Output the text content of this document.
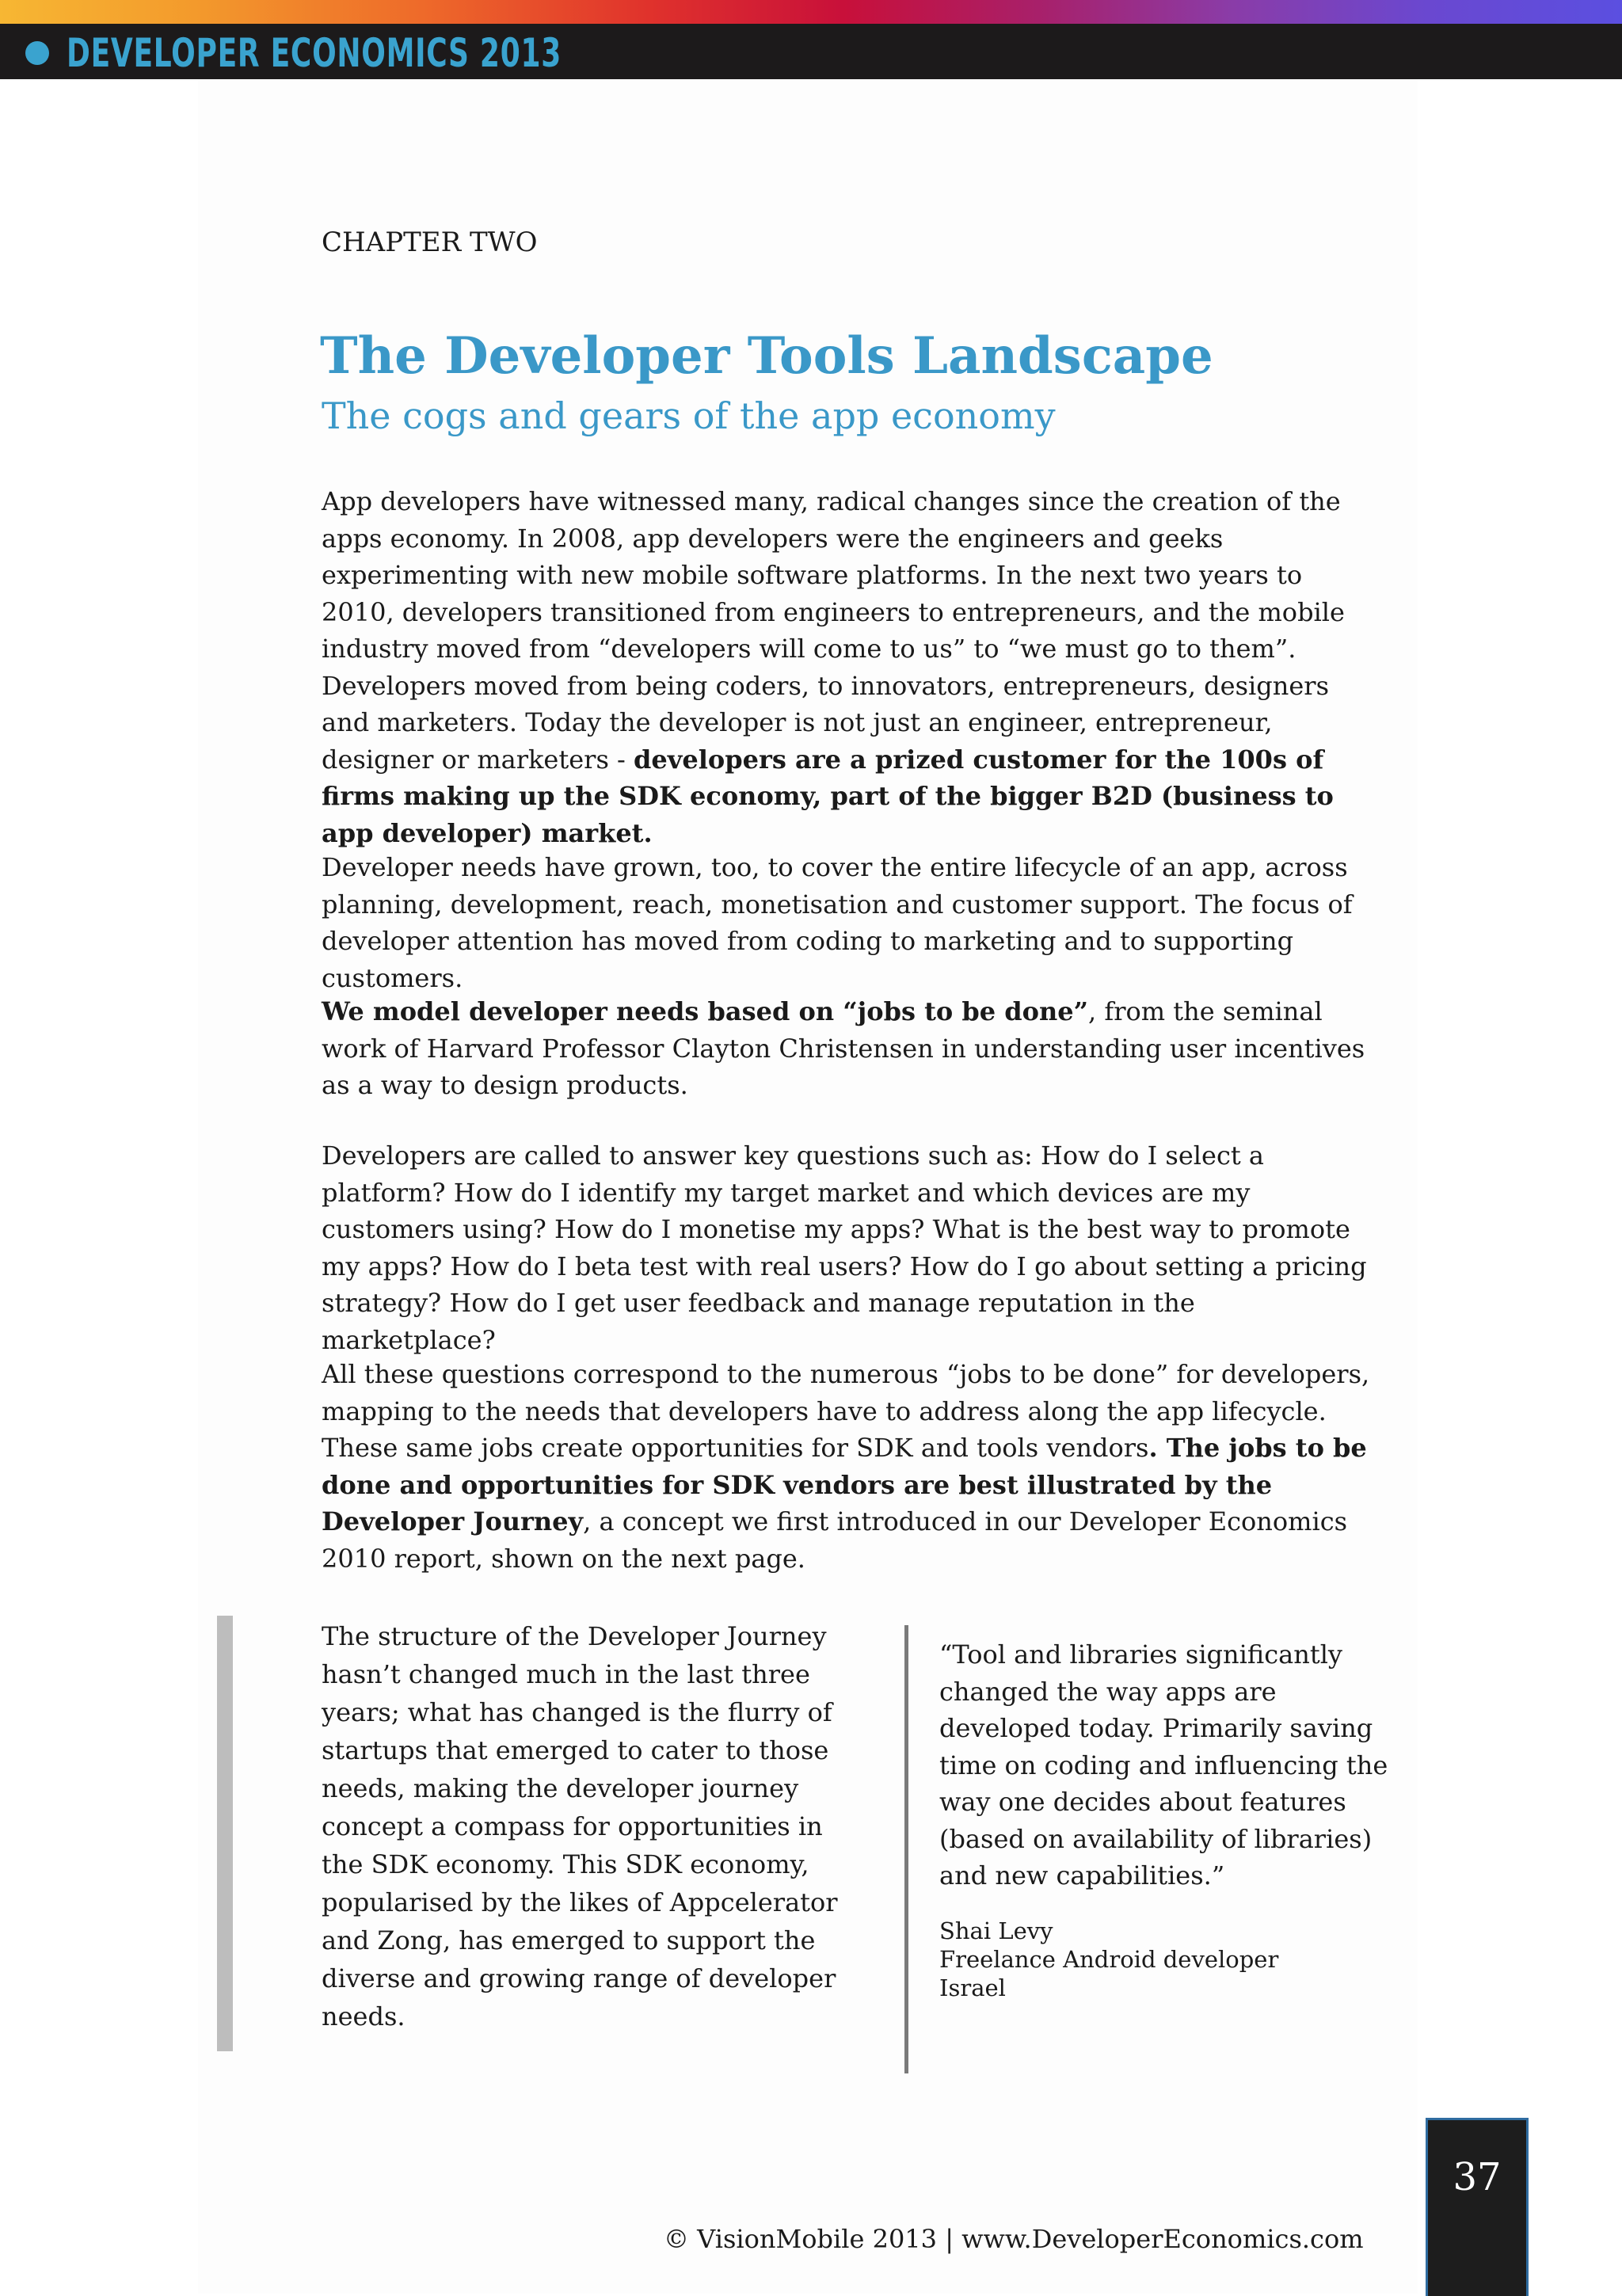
DEVELOPER ECONOMICS 2013
CHAPTER TWO
The Developer Tools Landscape
The cogs and gears of the app economy
App developers have witnessed many, radical changes since the creation of the apps economy. In 2008, app developers were the engineers and geeks experimenting with new mobile software platforms. In the next two years to 2010, developers transitioned from engineers to entrepreneurs, and the mobile industry moved from “developers will come to us” to “we must go to them”. Developers moved from being coders, to innovators, entrepreneurs, designers and marketers. Today the developer is not just an engineer, entrepreneur, designer or marketers - developers are a prized customer for the 100s of firms making up the SDK economy, part of the bigger B2D (business to app developer) market.
Developer needs have grown, too, to cover the entire lifecycle of an app, across planning, development, reach, monetisation and customer support. The focus of developer attention has moved from coding to marketing and to supporting customers.
We model developer needs based on “jobs to be done”, from the seminal work of Harvard Professor Clayton Christensen in understanding user incentives as a way to design products.
Developers are called to answer key questions such as: How do I select a platform? How do I identify my target market and which devices are my customers using? How do I monetise my apps? What is the best way to promote my apps? How do I beta test with real users? How do I go about setting a pricing strategy? How do I get user feedback and manage reputation in the marketplace?
All these questions correspond to the numerous “jobs to be done” for developers, mapping to the needs that developers have to address along the app lifecycle. These same jobs create opportunities for SDK and tools vendors. The jobs to be done and opportunities for SDK vendors are best illustrated by the Developer Journey, a concept we first introduced in our Developer Economics 2010 report, shown on the next page.
The structure of the Developer Journey hasn’t changed much in the last three years; what has changed is the flurry of startups that emerged to cater to those needs, making the developer journey concept a compass for opportunities in the SDK economy. This SDK economy, popularised by the likes of Appcelerator and Zong, has emerged to support the diverse and growing range of developer needs.
“Tool and libraries significantly changed the way apps are developed today. Primarily saving time on coding and influencing the way one decides about features (based on availability of libraries) and new capabilities.”
Shai Levy
Freelance Android developer
Israel
© VisionMobile 2013 | www.DeveloperEconomics.com
37
